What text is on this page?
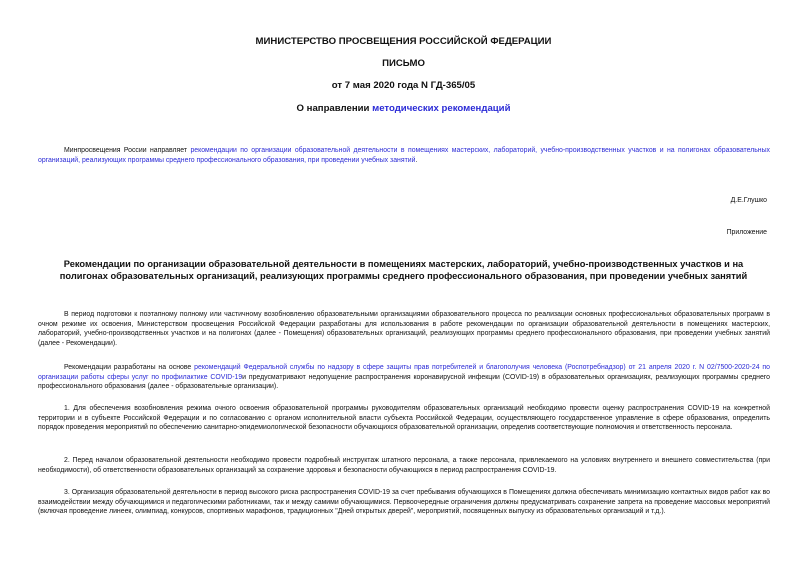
МИНИСТЕРСТВО ПРОСВЕЩЕНИЯ РОССИЙСКОЙ ФЕДЕРАЦИИ
ПИСЬМО
от 7 мая 2020 года N ГД-365/05
О направлении методических рекомендаций

Минпросвещения России направляет рекомендации по организации образовательной деятельности в помещениях мастерских, лабораторий, учебно-производственных участков и на полигонах образовательных организаций, реализующих программы среднего профессионального образования, при проведении учебных занятий.

Д.Е.Глушко
Приложение
Рекомендации по организации образовательной деятельности в помещениях мастерских, лабораторий, учебно-производственных участков и на полигонах образовательных организаций, реализующих программы среднего профессионального образования, при проведении учебных занятий

В период подготовки к поэтапному полному или частичному возобновлению образовательными организациями образовательного процесса по реализации основных профессиональных образовательных программ в очном режиме их освоения, Министерством просвещения Российской Федерации разработаны для использования в работе рекомендации по организации образовательной деятельности в помещениях мастерских, лабораторий, учебно-производственных участков и на полигонах (далее - Помещения) образовательных организаций, реализующих программы среднего профессионального образования, при проведении учебных занятий (далее - Рекомендации).

Рекомендации разработаны на основе рекомендаций Федеральной службы по надзору в сфере защиты прав потребителей и благополучия человека (Роспотребнадзор) от 21 апреля 2020 г. N 02/7500-2020-24 по организации работы сферы услуг по профилактике COVID-19и предусматривают недопущение распространения коронавирусной инфекции (COVID-19) в образовательных организациях, реализующих программы среднего профессионального образования (далее - образовательные организации).

1. Для обеспечения возобновления режима очного освоения образовательной программы руководителям образовательных организаций необходимо провести оценку распространения COVID-19 на конкретной территории и в субъекте Российской Федерации и по согласованию с органом исполнительной власти субъекта Российской Федерации, осуществляющего государственное управление в сфере образования, определить порядок проведения мероприятий по обеспечению санитарно-эпидемиологической безопасности обучающихся образовательной организации, определив соответствующие полномочия и ответственность персонала.

2. Перед началом образовательной деятельности необходимо провести подробный инструктаж штатного персонала, а также персонала, привлекаемого на условиях внутреннего и внешнего совместительства (при необходимости), об ответственности образовательных организаций за сохранение здоровья и безопасности обучающихся в период распространения COVID-19.

3. Организация образовательной деятельности в период высокого риска распространения COVID-19 за счет пребывания обучающихся в Помещениях должна обеспечивать минимизацию контактных видов работ как во взаимодействии между обучающимися и педагогическими работниками, так и между самими обучающимися. Первоочередные ограничения должны предусматривать сохранение запрета на проведение массовых мероприятий (включая проведение линеек, олимпиад, конкурсов, спортивных марафонов, традиционных "Дней открытых дверей", мероприятий, посвященных выпуску из образовательных организаций и т.д.).
